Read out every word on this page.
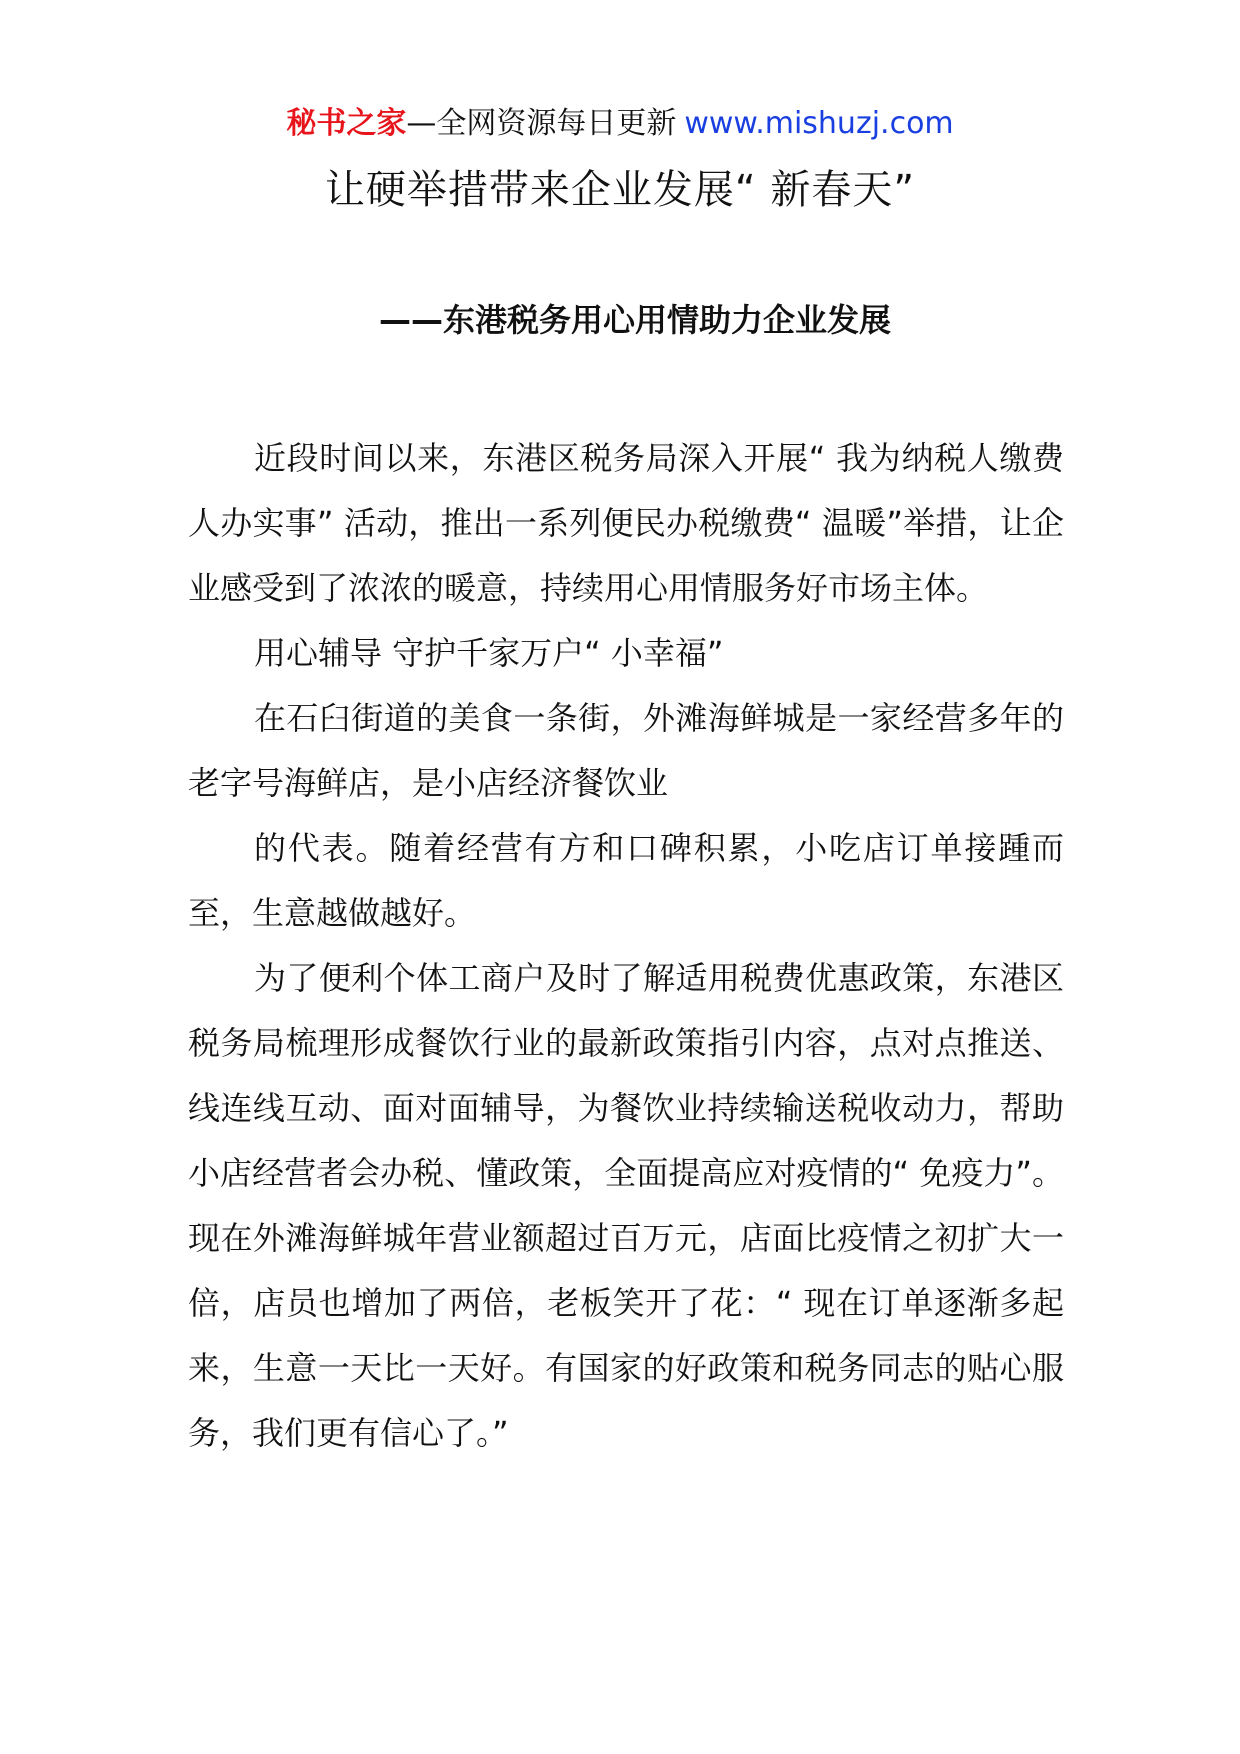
秘书之家—全网资源每日更新 www.mishuzj.com
让硬举措带来企业发展“ 新春天”
——东港税务用心用情助力企业发展

近段时间以来，东港区税务局深入开展“ 我为纳税人缴费人办实事” 活动，推出一系列便民办税缴费“ 温暖”举措，让企业感受到了浓浓的暖意，持续用心用情服务好市场主体。

用心辅导 守护千家万户“ 小幸福”

在石臼街道的美食一条街，外滩海鲜城是一家经营多年的老字号海鲜店，是小店经济餐饮业

的代表。随着经营有方和口碑积累，小吃店订单接踵而至，生意越做越好。

为了便利个体工商户及时了解适用税费优惠政策，东港区税务局梳理形成餐饮行业的最新政策指引内容，点对点推送、线连线互动、面对面辅导，为餐饮业持续输送税收动力，帮助小店经营者会办税、懂政策，全面提高应对疫情的“ 免疫力”。现在外滩海鲜城年营业额超过百万元，店面比疫情之初扩大一倍，店员也增加了两倍，老板笑开了花：“ 现在订单逐渐多起来，生意一天比一天好。有国家的好政策和税务同志的贴心服务，我们更有信心了。”
